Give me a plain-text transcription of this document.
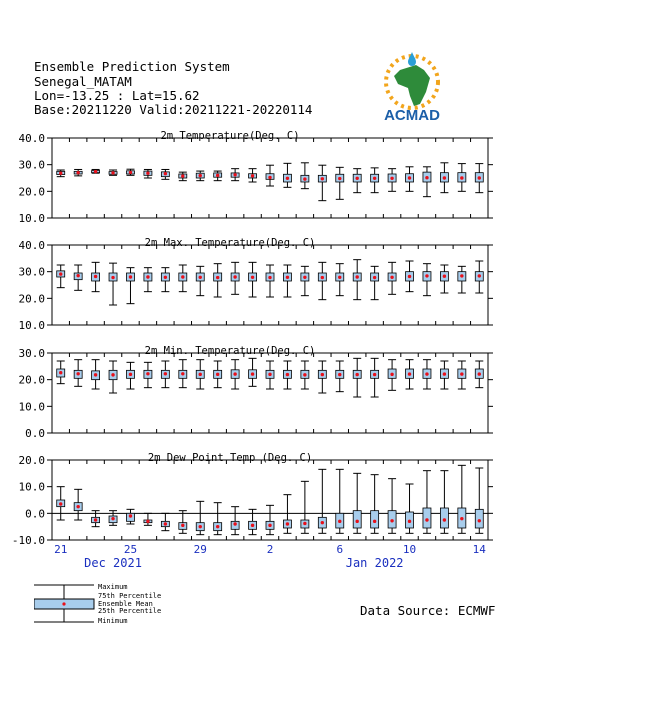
Ensemble Prediction System
Senegal_MATAM
Lon=-13.25 : Lat=15.62
Base:20211220 Valid:20211221-20220114	ACMAD
10.0
20.0
30.0
40.0	2m Temperature(Deg. C)
10.0
20.0
30.0
40.0	2m Max. Temperature(Deg. C)
0.0
10.0
20.0
30.0	2m Min. Temperature(Deg. C)
-10.0
0.0
10.0
20.0	2m Dew Point Temp (Deg. C)
21	25	29	2	6	10	14
Dec 2021	Jan 2022
Maximum
75th Percentile
Ensemble Mean
25th Percentile
Minimum
Data Source: ECMWF
